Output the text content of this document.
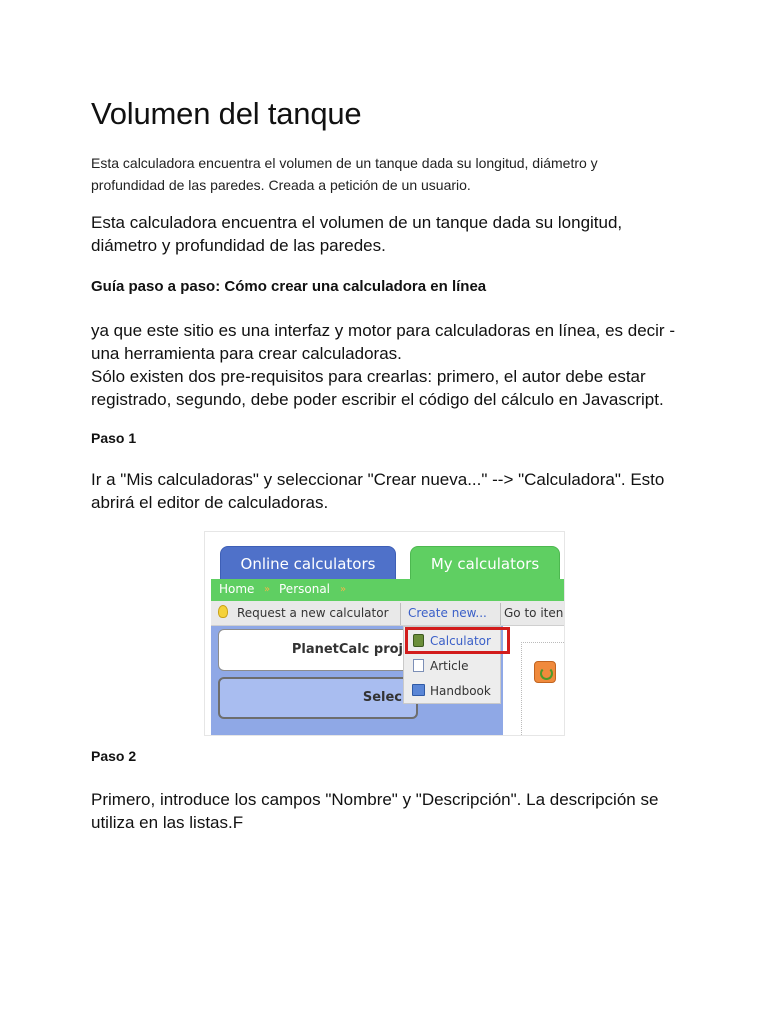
Volumen del tanque

Esta calculadora encuentra el volumen de un tanque dada su longitud, diámetro y profundidad de las paredes. Creada a petición de un usuario.

Esta calculadora encuentra el volumen de un tanque dada su longitud, diámetro y profundidad de las paredes.

Guía paso a paso: Cómo crear una calculadora en línea
ya que este sitio es una interfaz y motor para calculadoras en línea, es decir - una herramienta para crear calculadoras.
Sólo existen dos pre-requisitos para crearlas: primero, el autor debe estar registrado, segundo, debe poder escribir el código del cálculo en Javascript.
Paso 1

Ir a "Mis calculadoras" y seleccionar "Crear nueva..." --> "Calculadora". Esto abrirá el editor de calculadoras.

Online calculators	My calculators
Home » Personal »
Request a new calculator Create new... Go to iten
PlanetCalc proj
Selec
Calculator
Article
Handbook
Paso 2

Primero, introduce los campos "Nombre" y "Descripción". La descripción se utiliza en las listas.F
